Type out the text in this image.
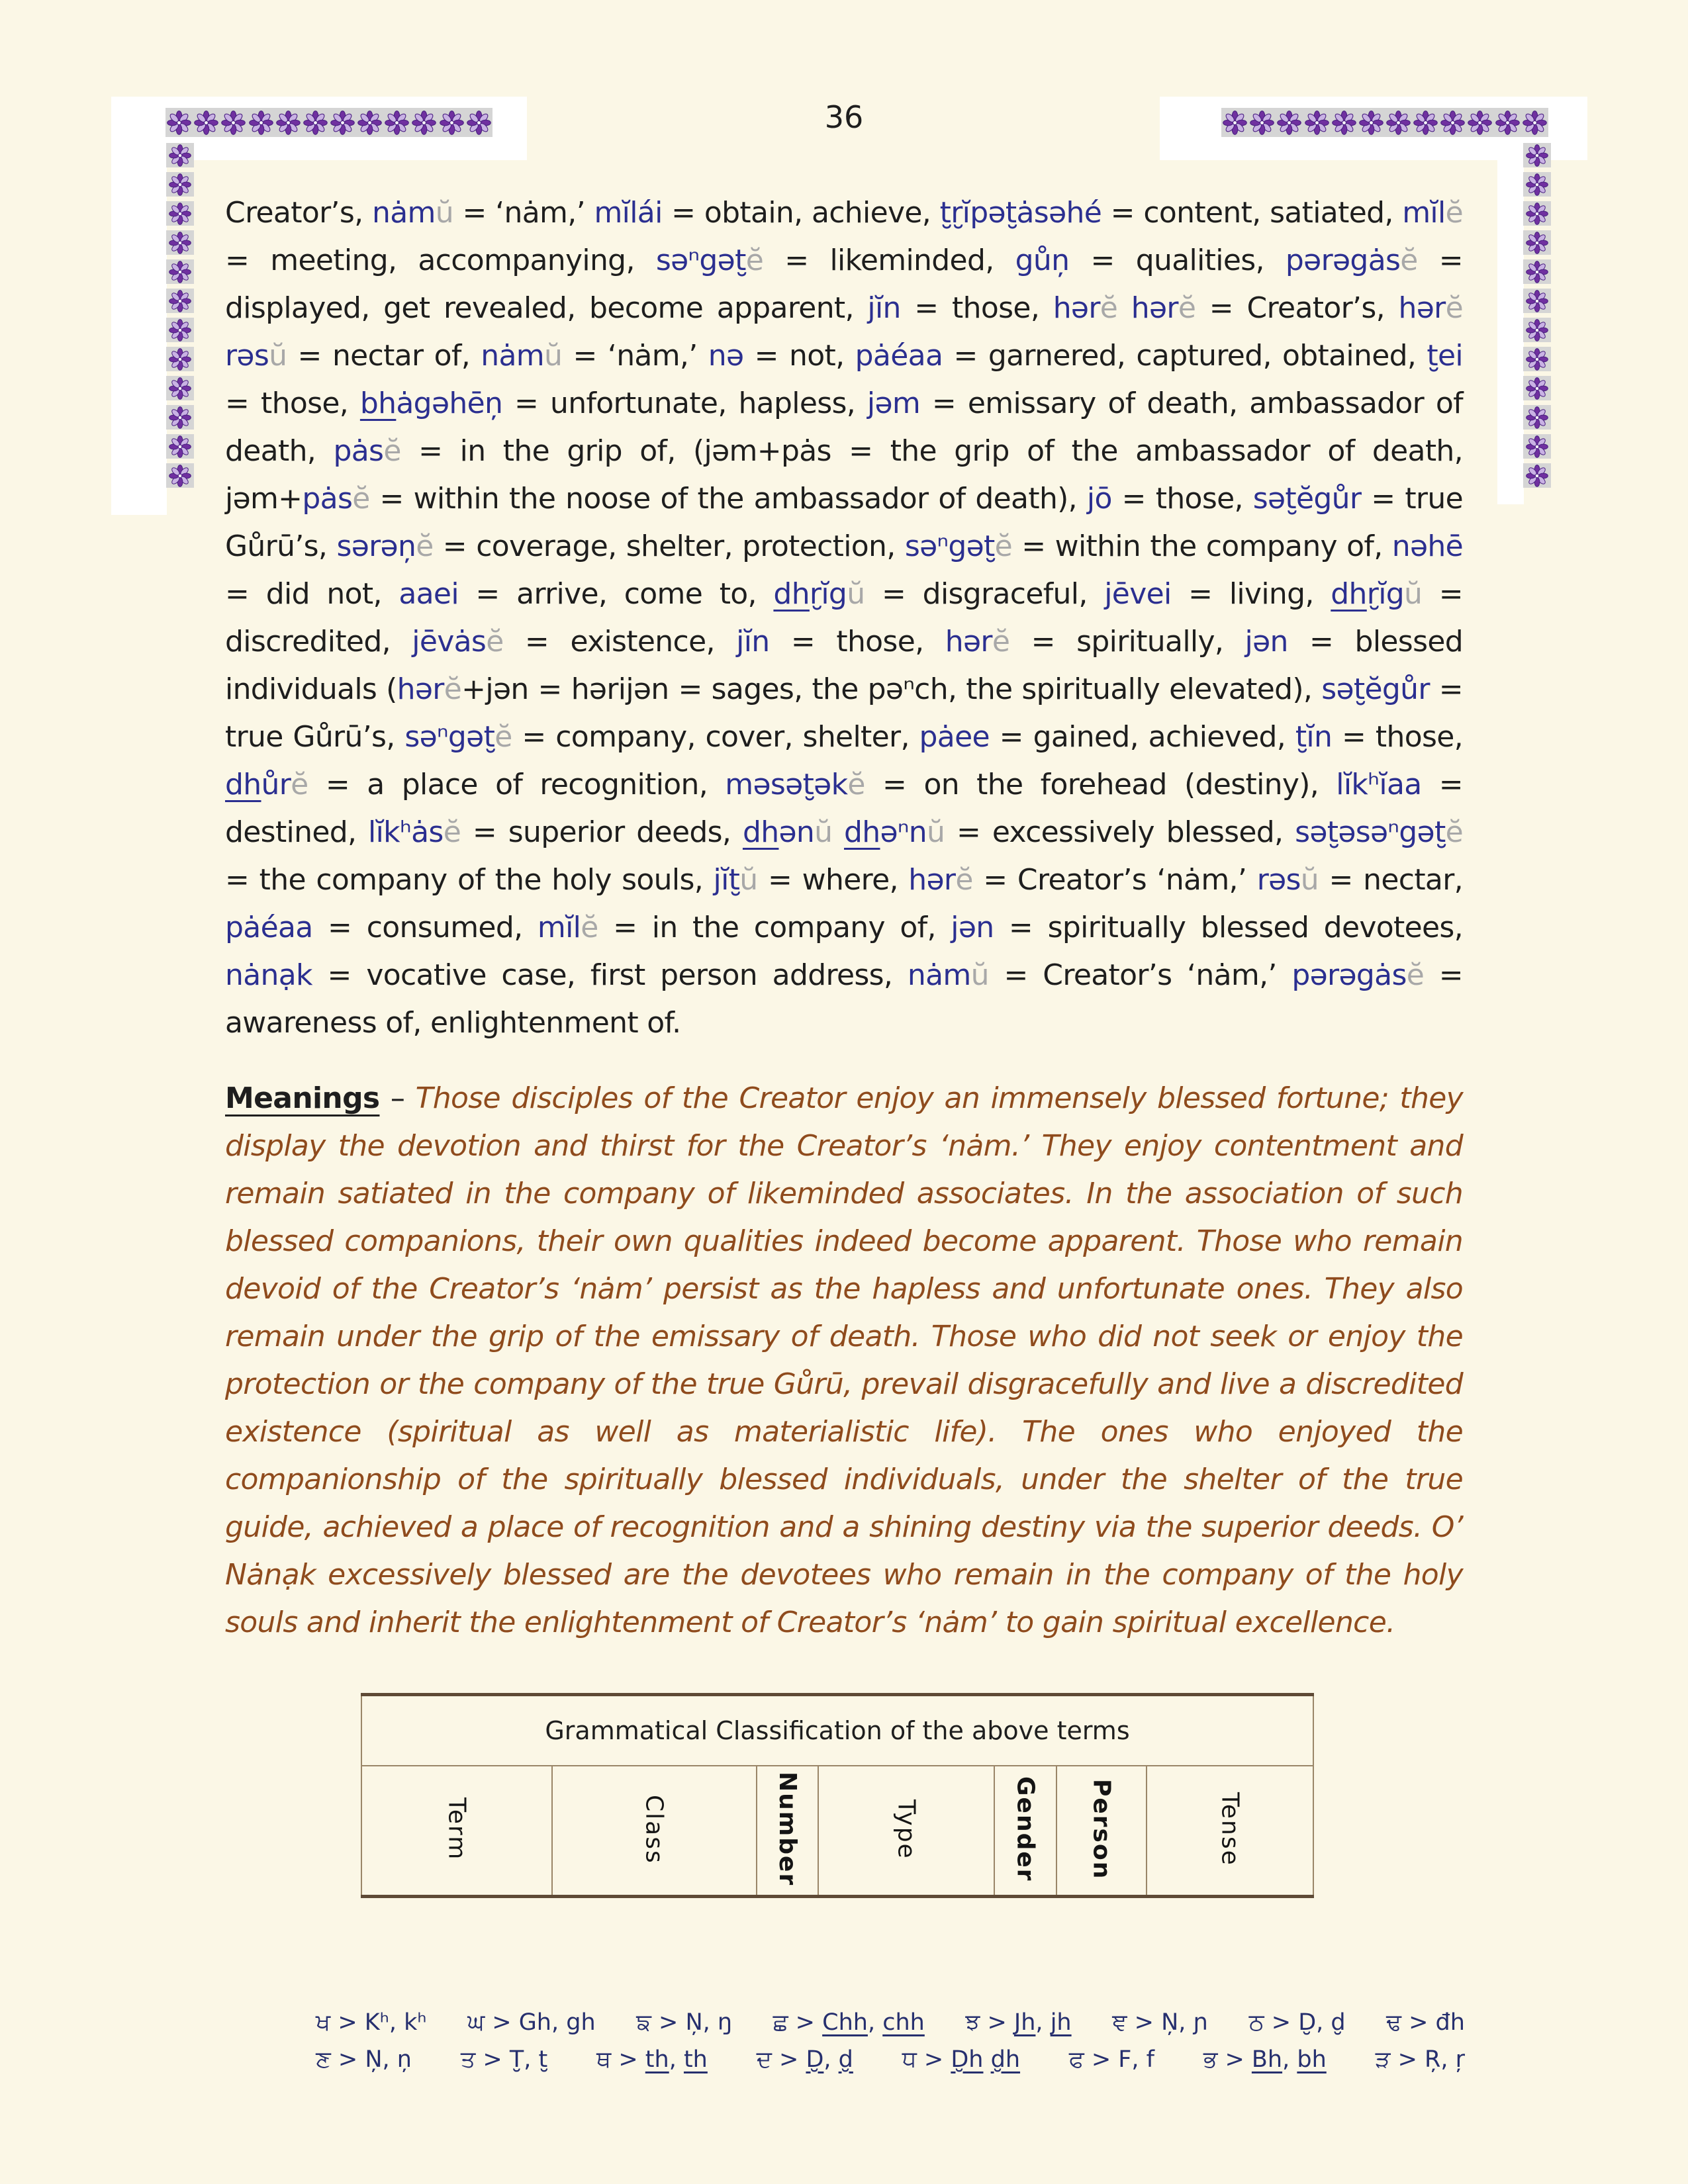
36

Creator’s, nȧmŭ = ‘nȧm,’ mĭlái = obtain, achieve, t̮r̮ĭpət̮ȧsəhé = content, satiated, mĭlĕ = meeting, accompanying, səⁿgət̮ĕ = likeminded, gůņ = qualities, pərəgȧsĕ = displayed, get revealed, become apparent, jĭn = those, hərĕ hərĕ = Creator’s, hərĕ rəsŭ = nectar of, nȧmŭ = ‘nȧm,’ nə = not, pȧéaa = garnered, captured, obtained, t̮ei = those, bhȧgəhēņ = unfortunate, hapless, jəm = emissary of death, ambassador of death, pȧsĕ = in the grip of, (jəm+pȧs = the grip of the ambassador of death, jəm+pȧsĕ = within the noose of the ambassador of death), jō = those, sət̮ĕgůr = true Gůrū’s, sərəņĕ = coverage, shelter, protection, səⁿgət̮ĕ = within the company of, nəhē = did not, aaei = arrive, come to, dhr̮ĭgŭ = disgraceful, jēvei = living, dhr̮ĭgŭ = discredited, jēvȧsĕ = existence, jĭn = those, hərĕ = spiritually, jən = blessed individuals (hərĕ+jən = hərijən = sages, the pəⁿch, the spiritually elevated), sət̮ĕgůr = true Gůrū’s, səⁿgət̮ĕ = company, cover, shelter, pȧee = gained, achieved, t̮ĭn = those, dhůrĕ = a place of recognition, məsət̮əkĕ = on the forehead (destiny), lĭkʰĭaa = destined, lĭkʰȧsĕ = superior deeds, dhənŭ dhəⁿnŭ = excessively blessed, sət̮əsəⁿgət̮ĕ = the company of the holy souls, jĭt̮ŭ = where, hərĕ = Creator’s ‘nȧm,’ rəsŭ = nectar, pȧéaa = consumed, mĭlĕ = in the company of, jən = spiritually blessed devotees, nȧnạk = vocative case, first person address, nȧmŭ = Creator’s ‘nȧm,’ pərəgȧsĕ = awareness of, enlightenment of.

Meanings – Those disciples of the Creator enjoy an immensely blessed fortune; they display the devotion and thirst for the Creator’s ‘nȧm.’ They enjoy contentment and remain satiated in the company of likeminded associates. In the association of such blessed companions, their own qualities indeed become apparent. Those who remain devoid of the Creator’s ‘nȧm’ persist as the hapless and unfortunate ones. They also remain under the grip of the emissary of death. Those who did not seek or enjoy the protection or the company of the true Gůrū, prevail disgracefully and live a discredited existence (spiritual as well as materialistic life). The ones who enjoyed the companionship of the spiritually blessed individuals, under the shelter of the true guide, achieved a place of recognition and a shining destiny via the superior deeds. O’ Nȧnạk excessively blessed are the devotees who remain in the company of the holy souls and inherit the enlightenment of Creator’s ‘nȧm’ to gain spiritual excellence.

Grammatical Classification of the above terms
Term	Class	Number	Type	Gender	Person	Tense
ਖ > Kʰ, kʰ ਘ > Gh, gh ਙ > Ņ, ŋ ਛ > Chh, chh ਝ > Jh, jh ਞ > Ņ, ɲ ਠ > D̮, d̮ ਢ > đh
ਣ > Ņ, ņ ਤ > T̮, t̮ ਥ > th, th ਦ > D̮, d̮ ਧ > D̮h d̮h ਫ > F, f ਭ > Bh, bh ੜ > Ŗ, ŗ
